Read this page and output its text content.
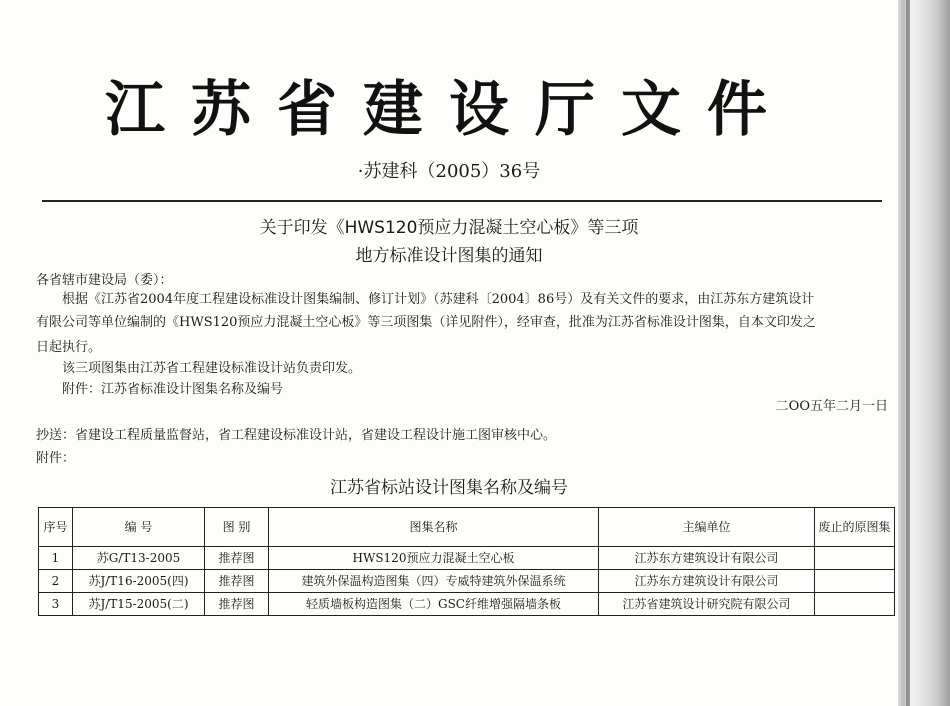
江苏省建设厅文件
·苏建科（2005）36号
关于印发《HWS120预应力混凝土空心板》等三项
地方标准设计图集的通知
各省辖市建设局（委）：
根据《江苏省2004年度工程建设标准设计图集编制、修订计划》（苏建科〔2004〕86号）及有关文件的要求，由江苏东方建筑设计
有限公司等单位编制的《HWS120预应力混凝土空心板》等三项图集（详见附件），经审查，批准为江苏省标准设计图集，自本文印发之
日起执行。
该三项图集由江苏省工程建设标准设计站负责印发。
附件：江苏省标准设计图集名称及编号
二OO五年二月一日
抄送：省建设工程质量监督站，省工程建设标准设计站，省建设工程设计施工图审核中心。
附件：
江苏省标站设计图集名称及编号
序号	编 号	图 别	图集名称	主编单位	废止的原图集
1	苏G/T13-2005	推荐图	HWS120预应力混凝土空心板	江苏东方建筑设计有限公司	
2	苏J/T16-2005(四)	推荐图	建筑外保温构造图集（四）专威特建筑外保温系统	江苏东方建筑设计有限公司	
3	苏J/T15-2005(二)	推荐图	轻质墙板构造图集（二）GSC纤维增强隔墙条板	江苏省建筑设计研究院有限公司	
